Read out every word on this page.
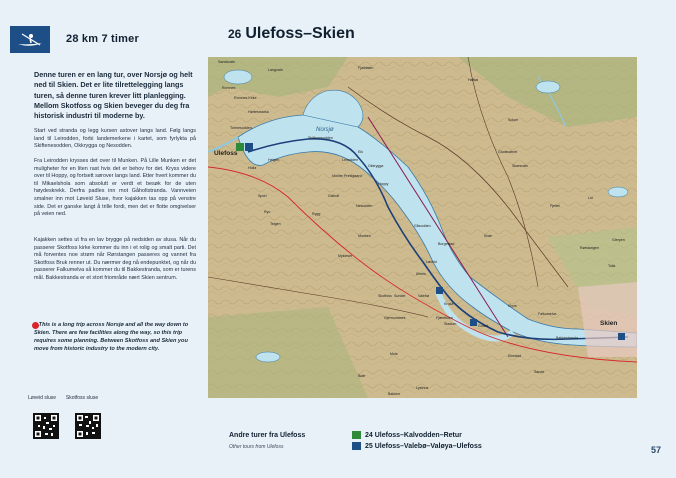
28 km 7 timer	26 Ulefoss–Skien
Denne turen er en lang tur, over Norsjø og helt ned til Skien. Det er lite tilrettelegging langs turen, så denne turen krever litt planlegging. Mellom Skotfoss og Skien beveger du deg fra historisk industri til moderne by.
Start ved stranda og legg kursen astover langs land. Følg langs land til Leirodden, forbi landemerkene i kartet, som fyrlykta på Skiftenesodden, Okkrygga og Nesodden.
Fra Leirodden krysses det over til Munken. På Lille Munken er det muligheter for en liten rast hvis det er behov for det. Kryss videre over til Hoppy, og fortsett sørover langs land. Etter hvert kommer du til Mikaelshola som absolutt er verdt et besøk for de uten høydeskrekk. Derfra padles inn mot Gåholtstranda. Vannveien smalner inn mot Løveid Sluse, hvor kajakken tas opp på venstre side. Det er ganske langt å trille fordi, men det er flotte omgivelser på veien ned.
Kajakken settes ut fra en lav brygge på nedsiden av slusa. Når du passerer Skotfoss kirke kommer du inn i et rolig og smalt parti. Det må forventes noe strøm når Rørstangen passeres og vannet fra Skotfoss Bruk renner ut. Du nærmer deg nå endepunktet, og når du passerer Falkumelva så kommer du til Bakkestranda, som er turens mål. Bakkestranda er et stort friområde nært Skien sentrum.
This is a long trip across Norsjø and all the way down to Skien. There are few facilities along the way, so this trip requires some planning. Between Skotfoss and Skien you move from historic industry to the modern city.
Løveid sluse	Skotfoss sluse
Sandsvatn
Langvatn	Fjalldalen
Romnes
Romnes Kirke
Hørtesmarka
Tormesodden
Ulefoss
Holla
Helgen
Sport
Ryo
Skiftenesodden
Eik
Teigen
Hoppy
Nesodden
Munken
Mykleset
Skotfoss
Løveid
Ørnes
Borgestad
Gulset	Skien
Falkumelva
Klyve
Bakkestranda
Gjermundnes
Valebø
Fjærekilen
Sundet
Gåsodden
Nordre Prestgaard
Leirodden
Okkrygga
Gisholt
Rygg
Stadum
Mule
Kroka
Ekestad
Sande
Bøle
Bakken
Lysthus
Skarsvatn
Hafsal
Glodsvatnet
Kiste
Rørstangen
Lid
Solum
Fjellet
Gierpen
Tolla
Norsjø
Andre turer fra Ulefoss
Other tours from Ulefoss
24 Ulefoss–Kalvodden–Retur
25 Ulefoss–Valebø–Valøya–Ulefoss	57
